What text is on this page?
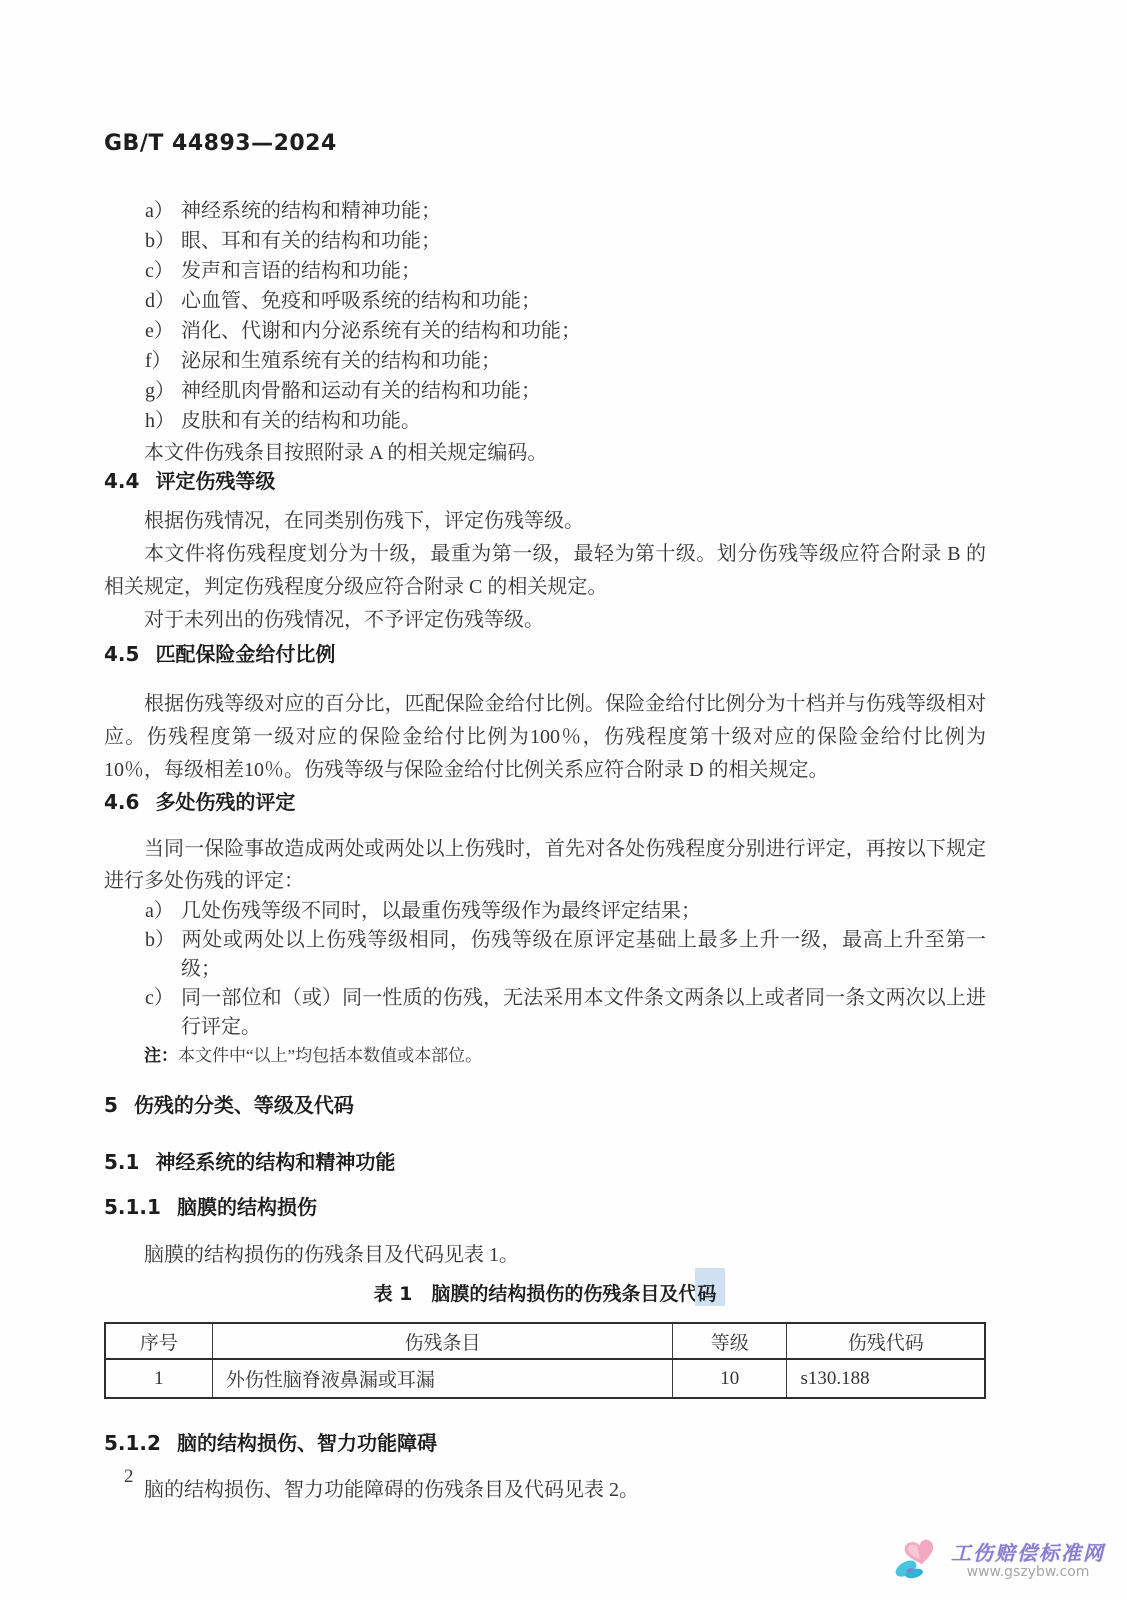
GB/T 44893—2024
a） 神经系统的结构和精神功能；
b） 眼、耳和有关的结构和功能；
c） 发声和言语的结构和功能；
d） 心血管、免疫和呼吸系统的结构和功能；
e） 消化、代谢和内分泌系统有关的结构和功能；
f） 泌尿和生殖系统有关的结构和功能；
g） 神经肌肉骨骼和运动有关的结构和功能；
h） 皮肤和有关的结构和功能。
本文件伤残条目按照附录 A 的相关规定编码。
4.4 评定伤残等级
根据伤残情况，在同类别伤残下，评定伤残等级。
本文件将伤残程度划分为十级，最重为第一级，最轻为第十级。划分伤残等级应符合附录 B 的相关规定，判定伤残程度分级应符合附录 C 的相关规定。
对于未列出的伤残情况，不予评定伤残等级。
4.5 匹配保险金给付比例
根据伤残等级对应的百分比，匹配保险金给付比例。保险金给付比例分为十档并与伤残等级相对应。伤残程度第一级对应的保险金给付比例为100％，伤残程度第十级对应的保险金给付比例为10％，每级相差10％。伤残等级与保险金给付比例关系应符合附录 D 的相关规定。
4.6 多处伤残的评定
当同一保险事故造成两处或两处以上伤残时，首先对各处伤残程度分别进行评定，再按以下规定进行多处伤残的评定：
a） 几处伤残等级不同时，以最重伤残等级作为最终评定结果；
b） 两处或两处以上伤残等级相同，伤残等级在原评定基础上最多上升一级，最高上升至第一级；
c） 同一部位和（或）同一性质的伤残，无法采用本文件条文两条以上或者同一条文两次以上进行评定。
注：本文件中“以上”均包括本数值或本部位。
5 伤残的分类、等级及代码
5.1 神经系统的结构和精神功能
5.1.1 脑膜的结构损伤
脑膜的结构损伤的伤残条目及代码见表 1。
表 1　脑膜的结构损伤的伤残条目及代码
序号	伤残条目	等级	伤残代码
1	外伤性脑脊液鼻漏或耳漏	10	s130.188
5.1.2 脑的结构损伤、智力功能障碍
脑的结构损伤、智力功能障碍的伤残条目及代码见表 2。
2
工伤赔偿标准网
www.gszybw.com
